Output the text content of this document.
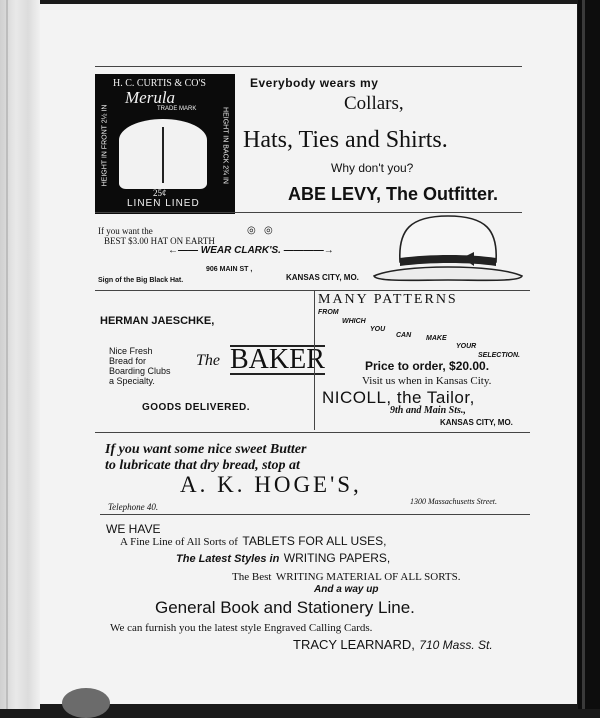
H. C. CURTIS & CO'S
Merula
TRADE MARK
HEIGHT IN FRONT 2½ IN	HEIGHT IN BACK 2¾ IN
25¢
LINEN LINED
Everybody wears my
Collars,
Hats, Ties and Shirts.
Why don't you?
ABE LEVY, The Outfitter.
If you want the
BEST $3.00 HAT ON EARTH
◎   ◎
←—— WEAR CLARK'S. ————→
906 MAIN ST ,
KANSAS CITY, MO.
Sign of the Big Black Hat.
HERMAN JAESCHKE,
Nice Fresh
Bread for
Boarding Clubs
a Specialty.
The BAKER
GOODS DELIVERED.
MANY PATTERNS
FROM
WHICH
YOU
CAN MAKE
YOUR
SELECTION.
Price to order, $20.00.
Visit us when in Kansas City.
NICOLL, the Tailor,
9th and Main Sts.,
KANSAS CITY, MO.
If you want some nice sweet Butter
to lubricate that dry bread, stop at
A. K. HOGE'S,
Telephone 40.
1300 Massachusetts Street.
WE HAVE
A Fine Line of All Sorts of TABLETS FOR ALL USES,
The Latest Styles in WRITING PAPERS,
The Best WRITING MATERIAL OF ALL SORTS.
And a way up
General Book and Stationery Line.
We can furnish you the latest style Engraved Calling Cards.
TRACY LEARNARD, 710 Mass. St.
